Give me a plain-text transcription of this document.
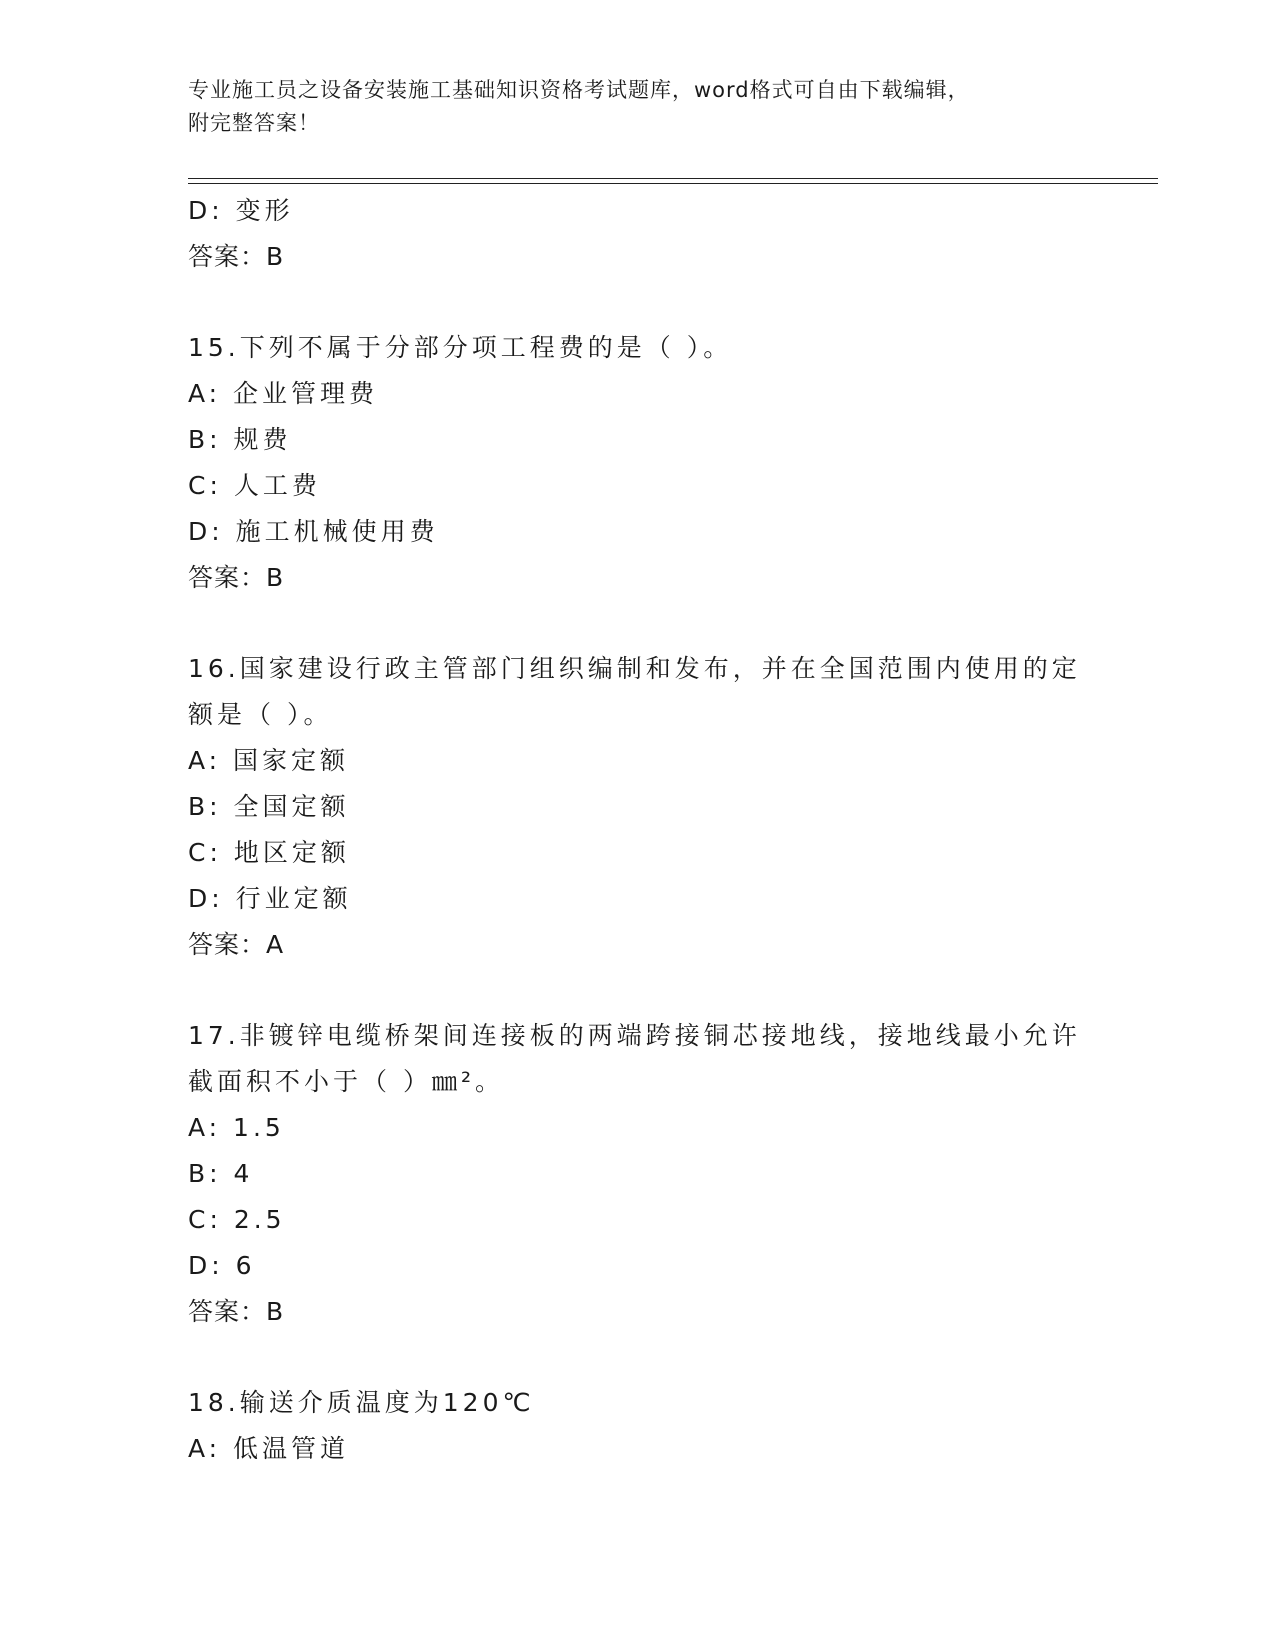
专业施工员之设备安装施工基础知识资格考试题库，word格式可自由下载编辑，
附完整答案！
D: 变形
答案：B
15.下列不属于分部分项工程费的是（ ）。
A: 企业管理费
B: 规费
C: 人工费
D: 施工机械使用费
答案：B
16.国家建设行政主管部门组织编制和发布，并在全国范围内使用的定
额是（ ）。
A: 国家定额
B: 全国定额
C: 地区定额
D: 行业定额
答案：A
17.非镀锌电缆桥架间连接板的两端跨接铜芯接地线，接地线最小允许
截面积不小于（ ）㎜²。
A: 1.5
B: 4
C: 2.5
D: 6
答案：B
18.输送介质温度为120℃
A: 低温管道
